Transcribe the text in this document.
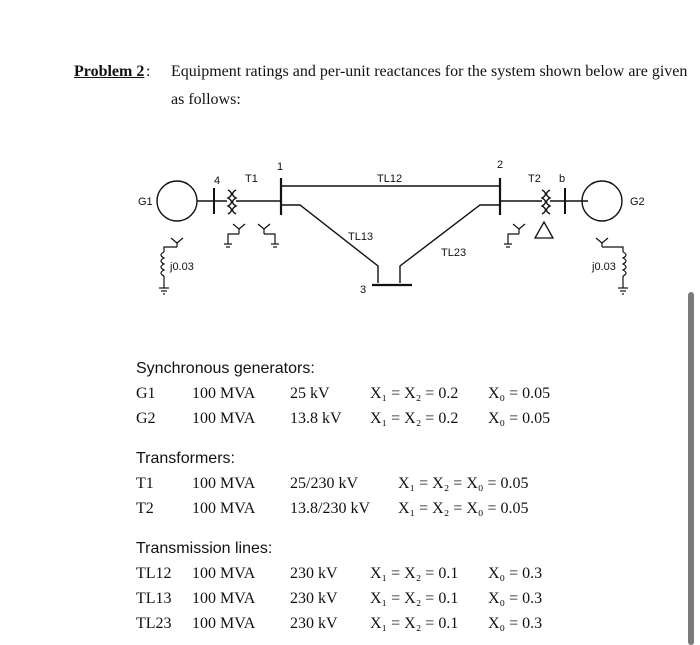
Problem 2 : Equipment ratings and per-unit reactances for the system shown below are given
as follows:
G1
4 T1
1
TL12
2
T2 b
G2
TL13
TL23
3
j0.03	j0.03
Synchronous generators:
G1 100 MVA 25 kV	X₁ = X₂ = 0.2 X₀ = 0.05
G2 100 MVA 13.8 kV X₁ = X₂ = 0.2 X₀ = 0.05
Transformers:
T1 100 MVA 25/230 kV	X₁ = X₂ = X₀ = 0.05
T2 100 MVA 13.8/230 kV X₁ = X₂ = X₀ = 0.05
Transmission lines:
TL12 100 MVA 230 kV X₁ = X₂ = 0.1 X₀ = 0.3
TL13 100 MVA 230 kV X₁ = X₂ = 0.1 X₀ = 0.3
TL23 100 MVA 230 kV X₁ = X₂ = 0.1 X₀ = 0.3
